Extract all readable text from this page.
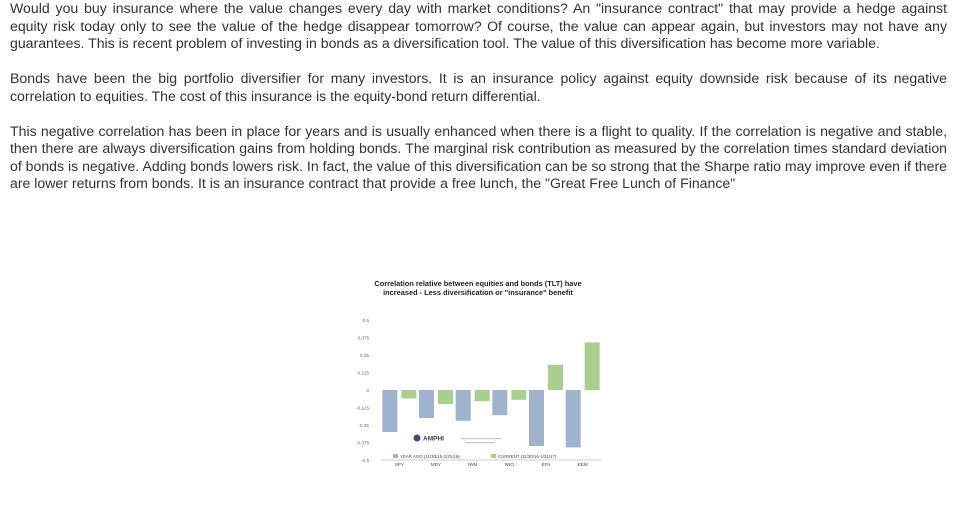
Would you buy insurance where the value changes every day with market conditions? An "insurance contract" that may provide a hedge against equity risk today only to see the value of the hedge disappear tomorrow? Of course, the value can appear again, but investors may not have any guarantees. This is recent problem of investing in bonds as a diversification tool. The value of this diversification has become more variable.

Bonds have been the big portfolio diversifier for many investors. It is an insurance policy against equity downside risk because of its negative correlation to equities. The cost of this insurance is the equity-bond return differential.

This negative correlation has been in place for years and is usually enhanced when there is a flight to quality. If the correlation is negative and stable, then there are always diversification gains from holding bonds. The marginal risk contribution as measured by the correlation times standard deviation of bonds is negative. Adding bonds lowers risk. In fact, the value of this diversification can be so strong that the Sharpe ratio may improve even if there are lower returns from bonds. It is an insurance contract that provide a free lunch, the "Great Free Lunch of Finance"

Correlation relative between equities and bonds (TLT) have increased - Less diversification or "insurance" benefit
0.5
0.375
0.25
0.125
0
-0.125
-0.25
-0.375
-0.5
SPY	MDY	IWM	IWO	EFA	EEM
YEAR AGO (11/30/15-1/31/16)	CURRENT (11/30/16-1/31/17)
AMPHI
